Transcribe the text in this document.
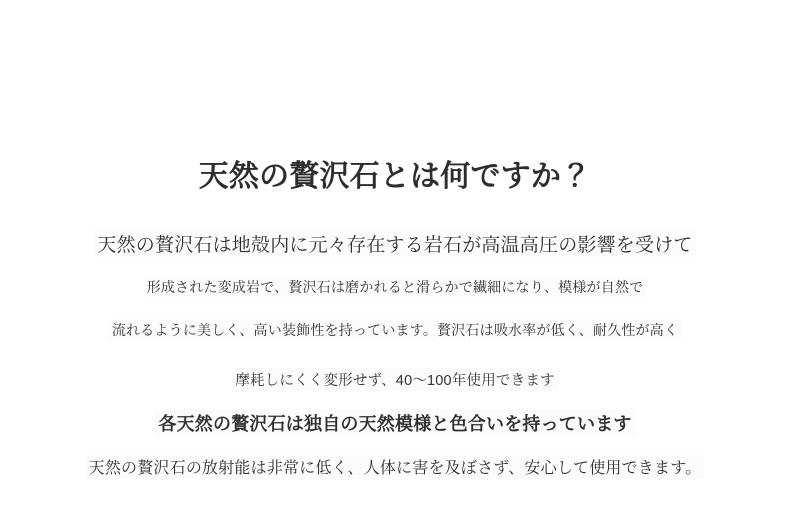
天然の贅沢石とは何ですか？
天然の贅沢石は地殻内に元々存在する岩石が高温高圧の影響を受けて
形成された変成岩で、贅沢石は磨かれると滑らかで繊細になり、模様が自然で
流れるように美しく、高い装飾性を持っています。贅沢石は吸水率が低く、耐久性が高く
摩耗しにくく変形せず、40〜100年使用できます
各天然の贅沢石は独自の天然模様と色合いを持っています
天然の贅沢石の放射能は非常に低く、人体に害を及ぼさず、安心して使用できます。
